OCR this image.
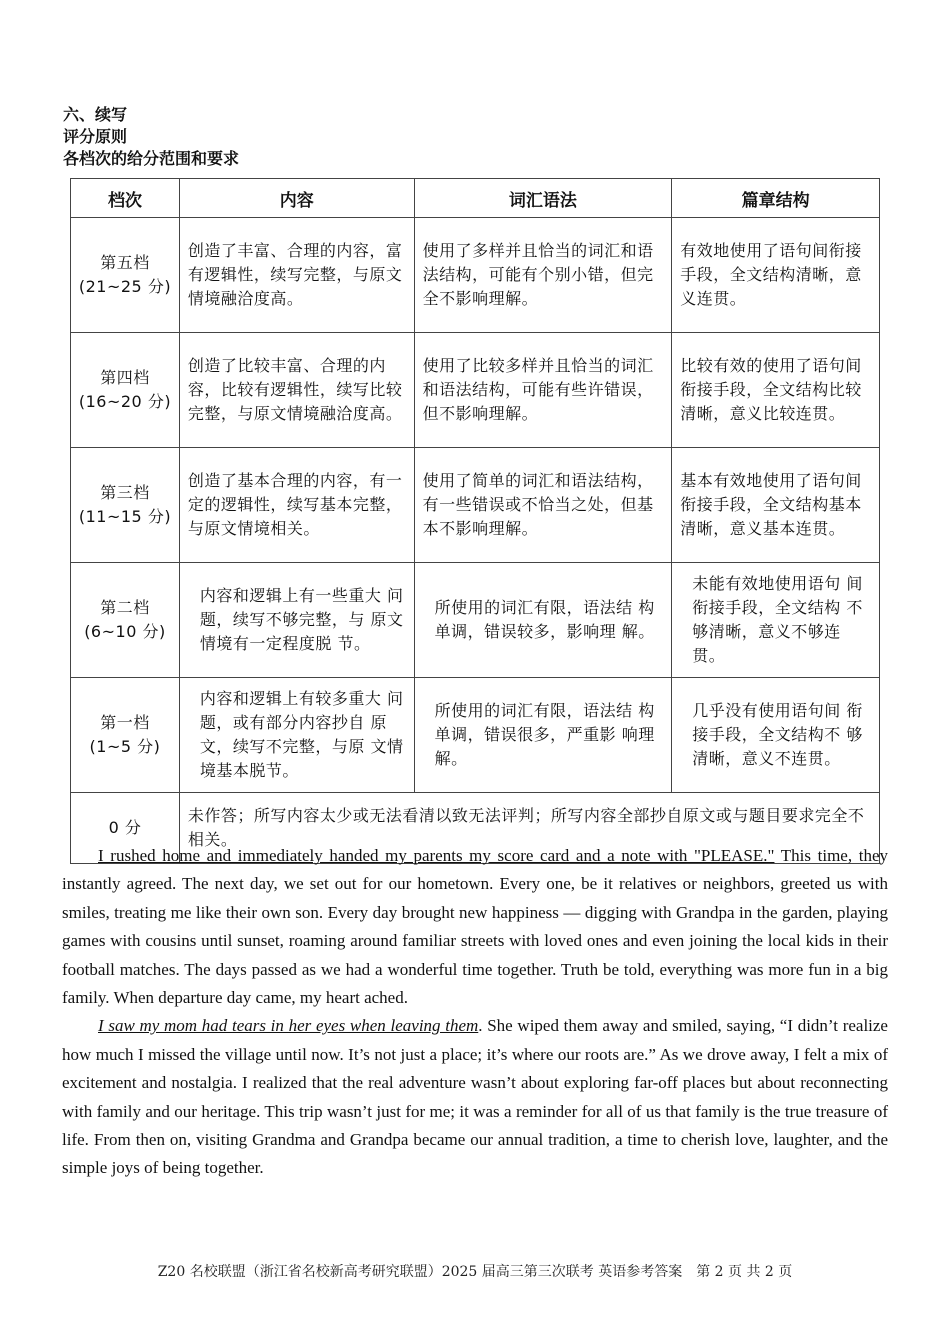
六、续写
评分原则
各档次的给分范围和要求
档次	内容	词汇语法	篇章结构

第五档
(21~25 分)	创造了丰富、合理的内容，富有逻辑性，续写完整，与原文情境融洽度高。	使用了多样并且恰当的词汇和语法结构，可能有个别小错，但完全不影响理解。	有效地使用了语句间衔接手段，全文结构清晰，意义连贯。

第四档
(16~20 分)	创造了比较丰富、合理的内容，比较有逻辑性，续写比较完整，与原文情境融洽度高。	使用了比较多样并且恰当的词汇和语法结构，可能有些许错误，但不影响理解。	比较有效的使用了语句间衔接手段，全文结构比较清晰，意义比较连贯。

第三档
(11~15 分)	创造了基本合理的内容，有一定的逻辑性，续写基本完整，与原文情境相关。	使用了简单的词汇和语法结构，有一些错误或不恰当之处，但基本不影响理解。	基本有效地使用了语句间衔接手段，全文结构基本清晰，意义基本连贯。

第二档
(6~10 分)	内容和逻辑上有一些重大 问题，续写不够完整，与 原文情境有一定程度脱 节。	所使用的词汇有限，语法结 构单调，错误较多，影响理 解。	未能有效地使用语句 间衔接手段，全文结构 不够清晰，意义不够连 贯。

第一档
(1~5 分)	内容和逻辑上有较多重大 问题，或有部分内容抄自 原文，续写不完整，与原 文情境基本脱节。	所使用的词汇有限，语法结 构单调，错误很多，严重影 响理解。	几乎没有使用语句间 衔接手段，全文结构不 够清晰，意义不连贯。
0 分	未作答；所写内容太少或无法看清以致无法评判；所写内容全部抄自原文或与题目要求完全不相关。		

I rushed home and immediately handed my parents my score card and a note with "PLEASE." This time, they instantly agreed. The next day, we set out for our hometown. Every one, be it relatives or neighbors, greeted us with smiles, treating me like their own son. Every day brought new happiness — digging with Grandpa in the garden, playing games with cousins until sunset, roaming around familiar streets with loved ones and even joining the local kids in their football matches. The days passed as we had a wonderful time together. Truth be told, everything was more fun in a big family. When departure day came, my heart ached.

I saw my mom had tears in her eyes when leaving them. She wiped them away and smiled, saying, “I didn’t realize how much I missed the village until now. It’s not just a place; it’s where our roots are.” As we drove away, I felt a mix of excitement and nostalgia. I realized that the real adventure wasn’t about exploring far-off places but about reconnecting with family and our heritage. This trip wasn’t just for me; it was a reminder for all of us that family is the true treasure of life. From then on, visiting Grandma and Grandpa became our annual tradition, a time to cherish love, laughter, and the simple joys of being together.

Z20 名校联盟（浙江省名校新高考研究联盟）2025 届高三第三次联考 英语参考答案　第 2 页 共 2 页
